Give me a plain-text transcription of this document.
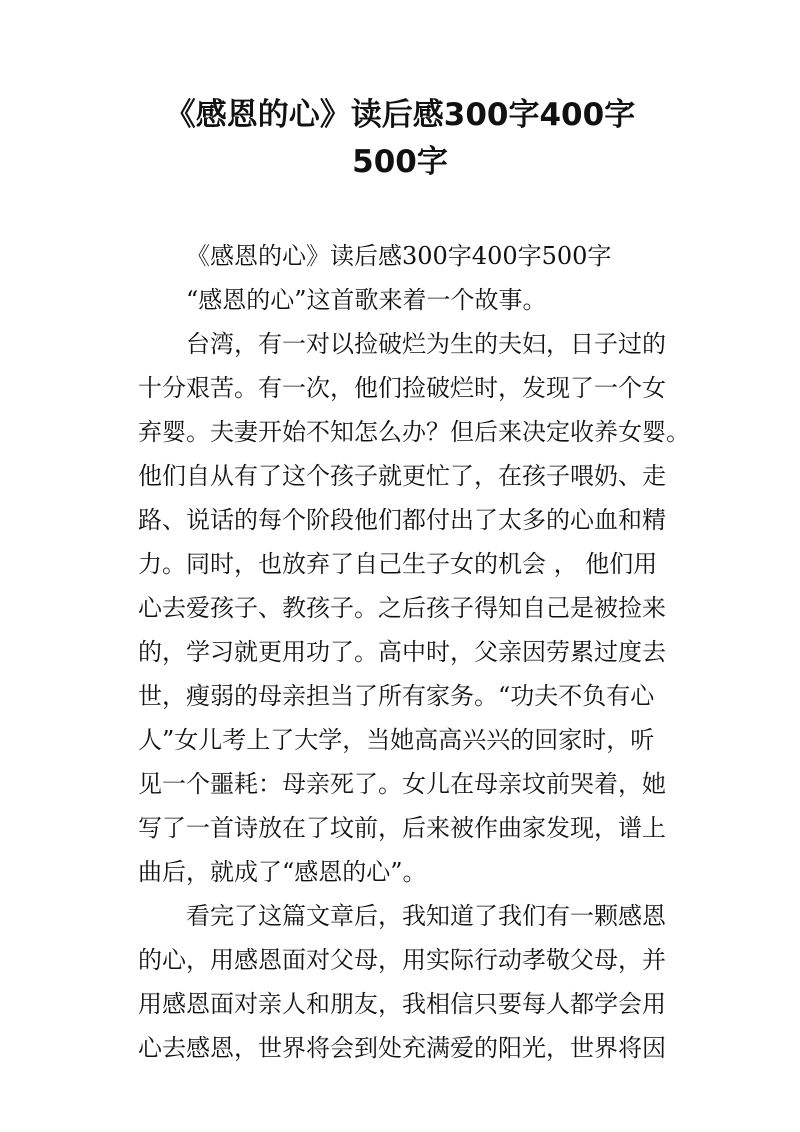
《感恩的心》读后感300字400字
500字
《感恩的心》读后感300字400字500字
“感恩的心”这首歌来着一个故事。
台湾，有一对以捡破烂为生的夫妇，日子过的
十分艰苦。有一次，他们捡破烂时，发现了一个女
弃婴。夫妻开始不知怎么办？但后来决定收养女婴。
他们自从有了这个孩子就更忙了，在孩子喂奶、走
路、说话的每个阶段他们都付出了太多的心血和精
力。同时，也放弃了自己生子女的机会 ， 他们用
心去爱孩子、教孩子。之后孩子得知自己是被捡来
的，学习就更用功了。高中时，父亲因劳累过度去
世，瘦弱的母亲担当了所有家务。“功夫不负有心
人”女儿考上了大学，当她高高兴兴的回家时，听
见一个噩耗：母亲死了。女儿在母亲坟前哭着，她
写了一首诗放在了坟前，后来被作曲家发现，谱上
曲后，就成了“感恩的心”。
看完了这篇文章后，我知道了我们有一颗感恩
的心，用感恩面对父母，用实际行动孝敬父母，并
用感恩面对亲人和朋友，我相信只要每人都学会用
心去感恩，世界将会到处充满爱的阳光，世界将因
